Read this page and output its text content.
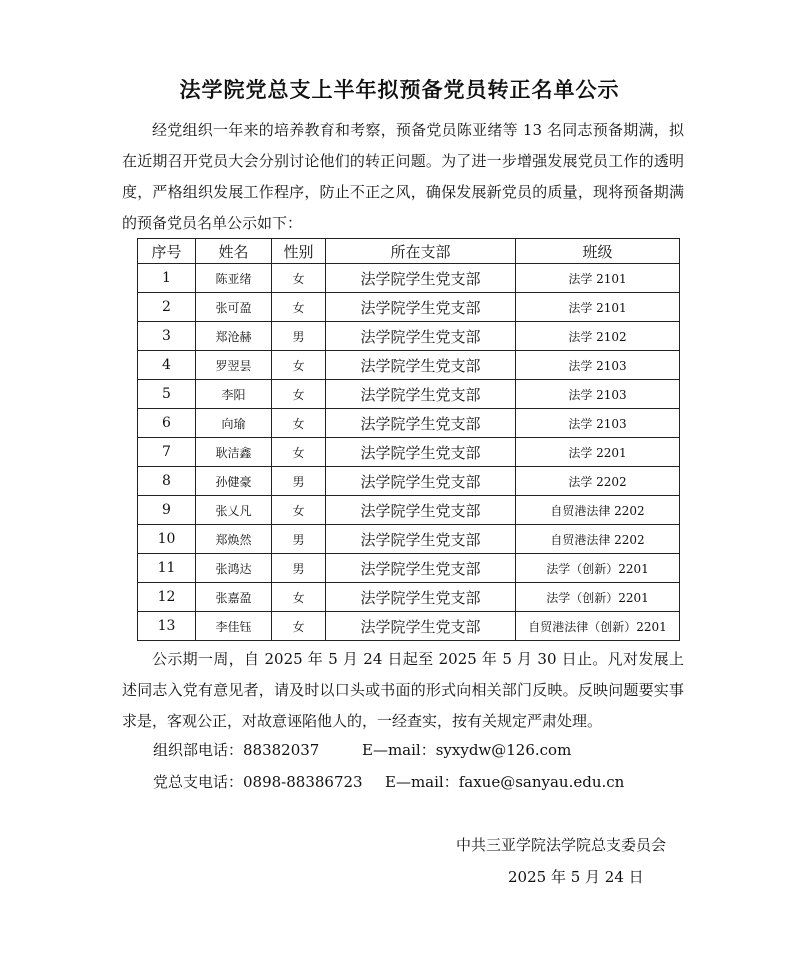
法学院党总支上半年拟预备党员转正名单公示
经党组织一年来的培养教育和考察，预备党员陈亚绪等 13 名同志预备期满，拟在近期召开党员大会分别讨论他们的转正问题。为了进一步增强发展党员工作的透明度，严格组织发展工作程序，防止不正之风，确保发展新党员的质量，现将预备期满的预备党员名单公示如下：
序号	姓名	性别	所在支部	班级
1	陈亚绪	女	法学院学生党支部	法学 2101
2	张可盈	女	法学院学生党支部	法学 2101
3	郑沧赫	男	法学院学生党支部	法学 2102
4	罗翌昙	女	法学院学生党支部	法学 2103
5	李阳	女	法学院学生党支部	法学 2103
6	向瑜	女	法学院学生党支部	法学 2103
7	耿洁鑫	女	法学院学生党支部	法学 2201
8	孙健豪	男	法学院学生党支部	法学 2202
9	张乂凡	女	法学院学生党支部	自贸港法律 2202
10	郑焕然	男	法学院学生党支部	自贸港法律 2202
11	张鸿达	男	法学院学生党支部	法学（创新）2201
12	张嘉盈	女	法学院学生党支部	法学（创新）2201
13	李佳钰	女	法学院学生党支部	自贸港法律（创新）2201
公示期一周，自 2025 年 5 月 24 日起至 2025 年 5 月 30 日止。凡对发展上述同志入党有意见者，请及时以口头或书面的形式向相关部门反映。反映问题要实事求是，客观公正，对故意诬陷他人的，一经查实，按有关规定严肃处理。
组织部电话：88382037	E—mail：syxydw@126.com
党总支电话：0898-88386723 E—mail：faxue@sanyau.edu.cn
中共三亚学院法学院总支委员会
2025 年 5 月 24 日
